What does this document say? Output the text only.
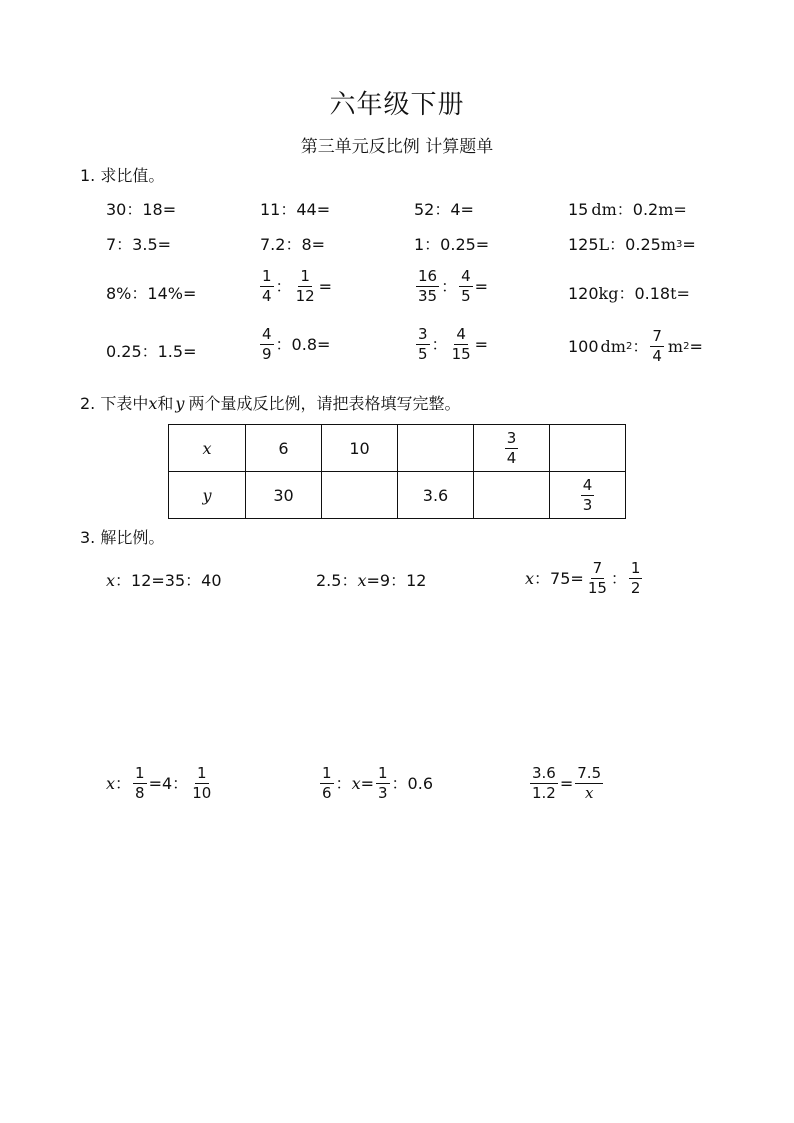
六年级下册
第三单元反比例 计算题单
1. 求比值。
30：18=	11：44=	52：4=	15 dm ：0.2 m=
7：3.5=	7.2：8=	1：0.25=	125 L ：0.25 m 3 =
8%：14%=	$\frac{1}{4}$ ： $\frac{1}{12}$ =	$\frac{16}{35}$ ： $\frac{4}{5}$ =	120 kg ：0.18 t=
0.25：1.5=	$\frac{4}{9}$ ：0.8=	$\frac{3}{5}$ ： $\frac{4}{15}$ =	100 dm 2 ： $\frac{7}{4}$ m 2 =
2. 下表中x和 y 两个量成反比例，请把表格填写完整。
x	6	10		$\frac{3}{4}$

y	30		3.6		$\frac{4}{3}$
3. 解比例。
x ：12=35：40	2.5： x =9：12	x ：$75= \frac{7}{15}$ ： $\frac{1}{2}$
x ： $\frac{1}{8} =4$： $\frac{1}{10}$	$\frac{1}{6}$ ： $x = \frac{1}{3}$ ：0.6	$\frac{3.6}{1.2} = \frac{7.5}{x}$
